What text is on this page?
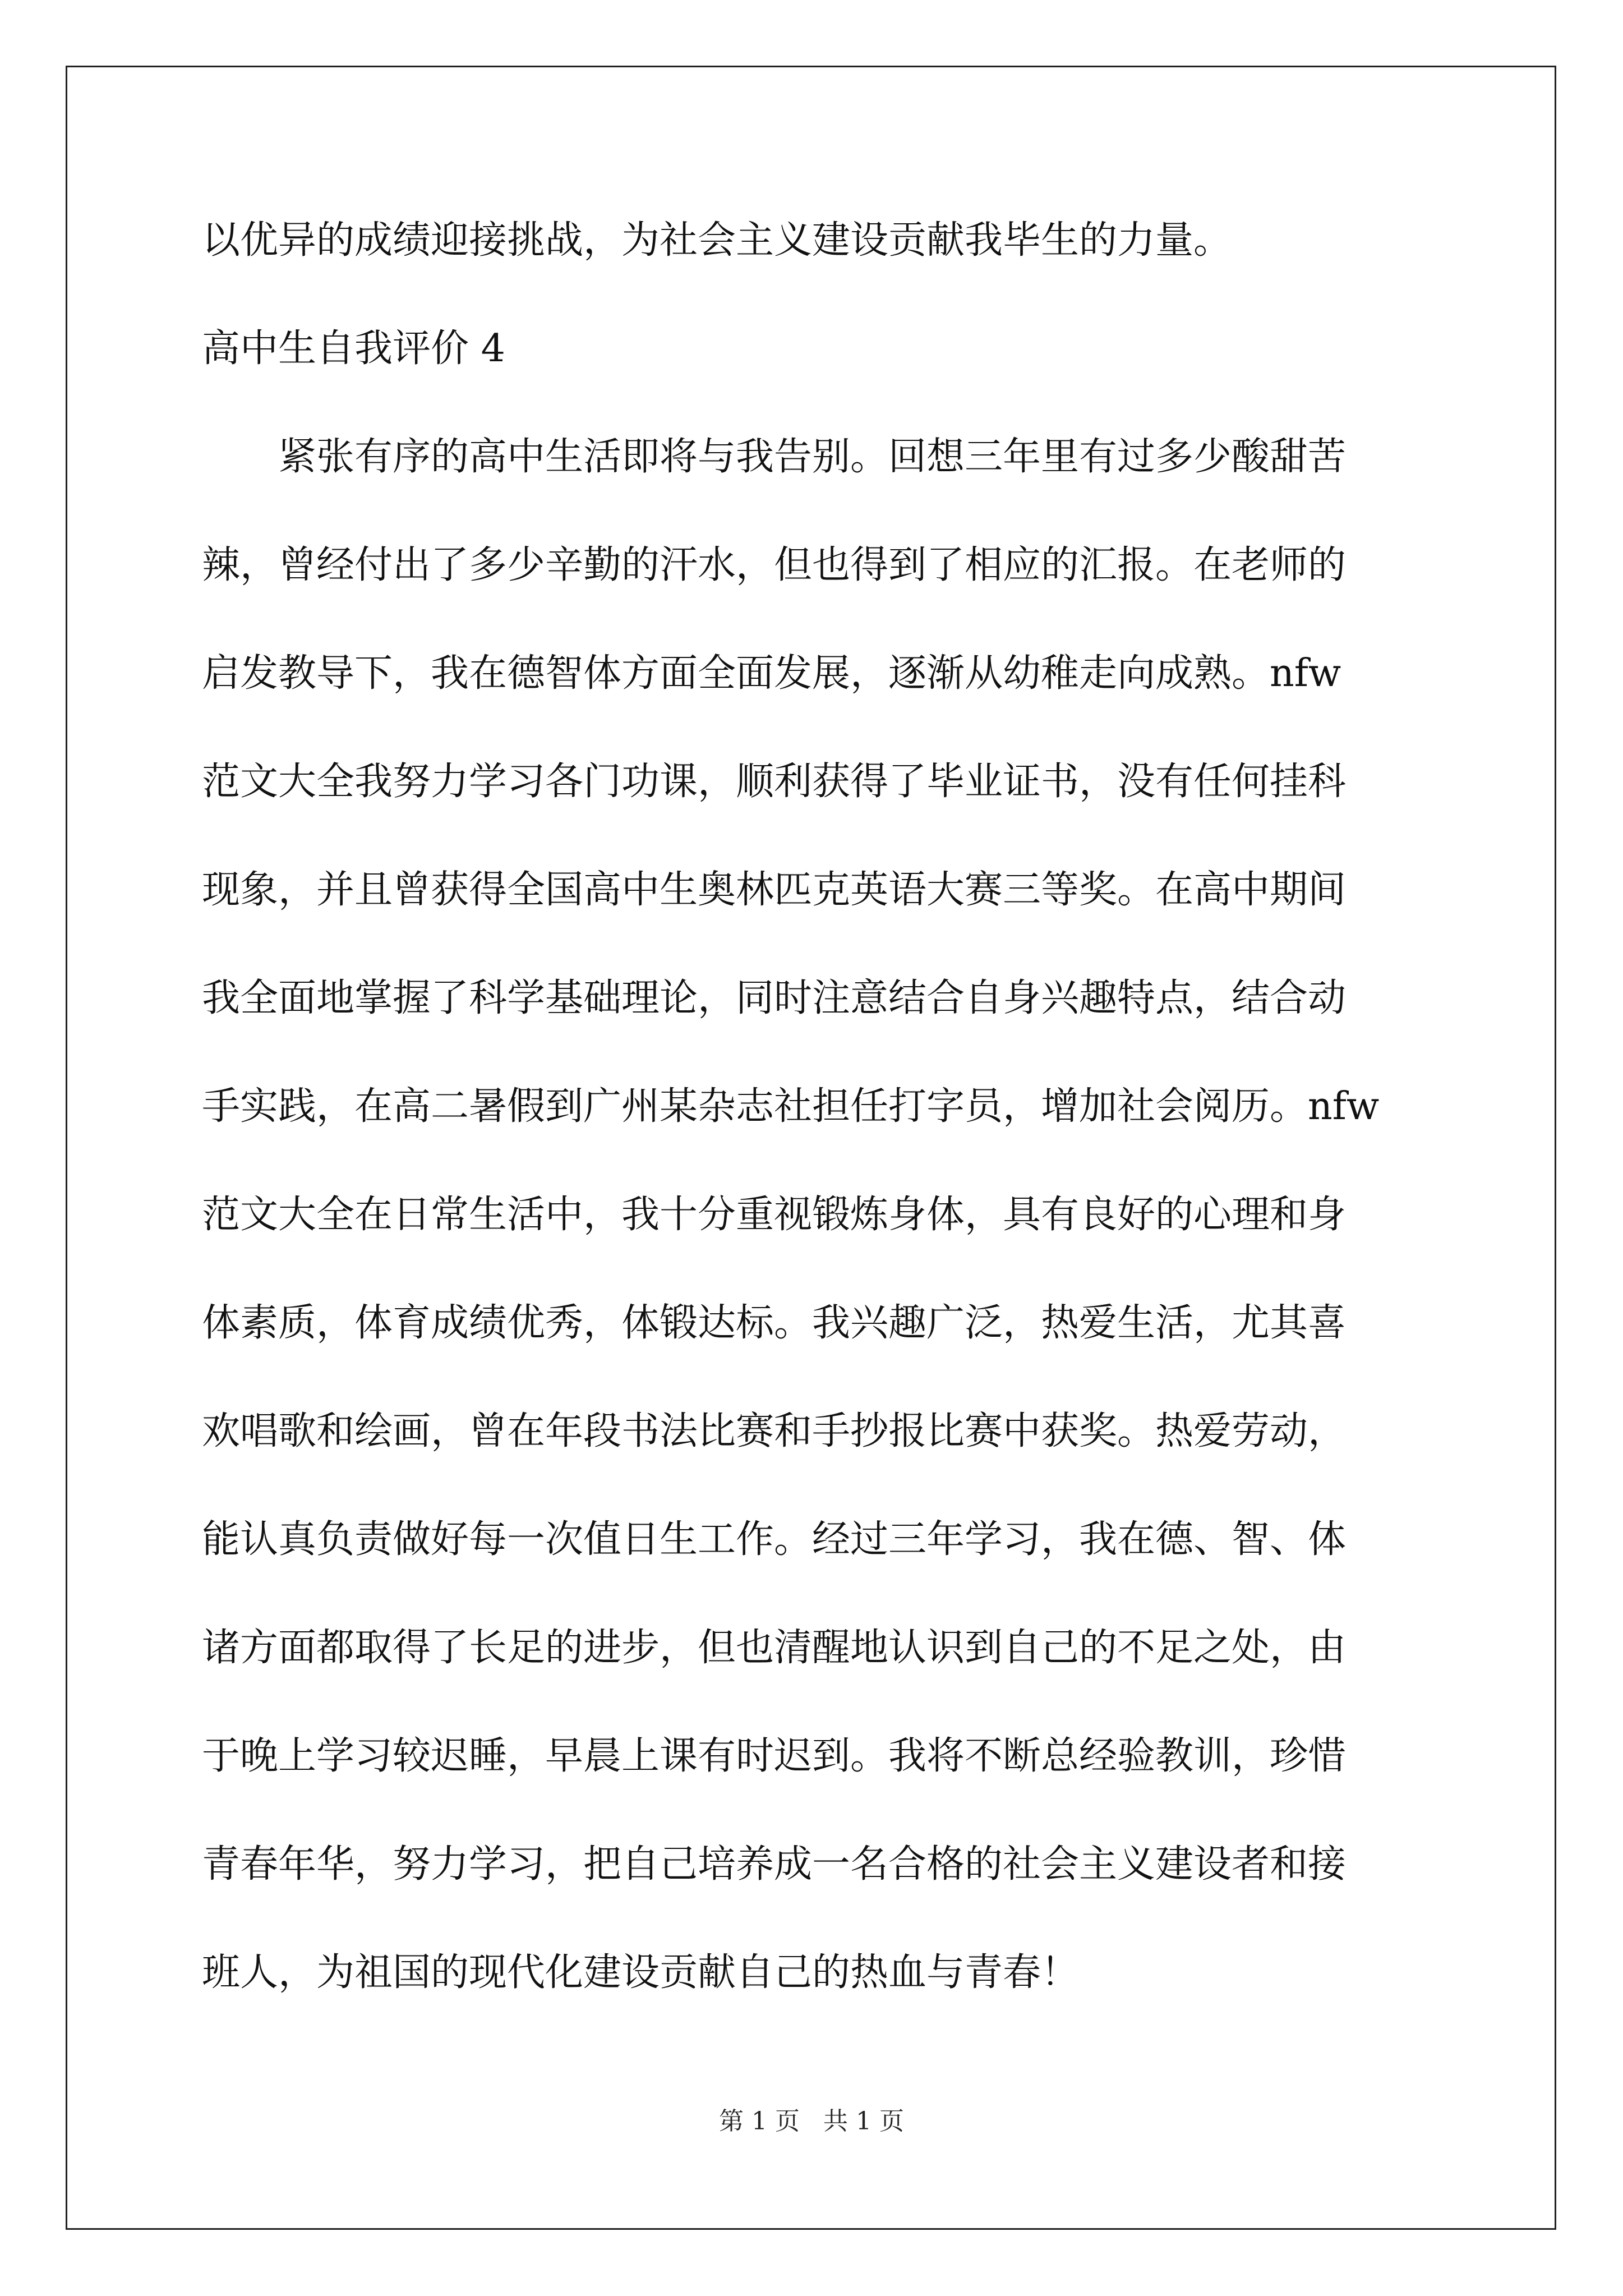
以优异的成绩迎接挑战，为社会主义建设贡献我毕生的力量。
高中生自我评价 4
紧张有序的高中生活即将与我告别。回想三年里有过多少酸甜苦
辣，曾经付出了多少辛勤的汗水，但也得到了相应的汇报。在老师的
启发教导下，我在德智体方面全面发展，逐渐从幼稚走向成熟。nfw
范文大全我努力学习各门功课，顺利获得了毕业证书，没有任何挂科
现象，并且曾获得全国高中生奥林匹克英语大赛三等奖。在高中期间
我全面地掌握了科学基础理论，同时注意结合自身兴趣特点，结合动
手实践，在高二暑假到广州某杂志社担任打字员，增加社会阅历。nfw
范文大全在日常生活中，我十分重视锻炼身体，具有良好的心理和身
体素质，体育成绩优秀，体锻达标。我兴趣广泛，热爱生活，尤其喜
欢唱歌和绘画，曾在年段书法比赛和手抄报比赛中获奖。热爱劳动，
能认真负责做好每一次值日生工作。经过三年学习，我在德、智、体
诸方面都取得了长足的进步，但也清醒地认识到自己的不足之处，由
于晚上学习较迟睡，早晨上课有时迟到。我将不断总经验教训，珍惜
青春年华，努力学习，把自己培养成一名合格的社会主义建设者和接
班人，为祖国的现代化建设贡献自己的热血与青春！
第 1 页   共 1 页
